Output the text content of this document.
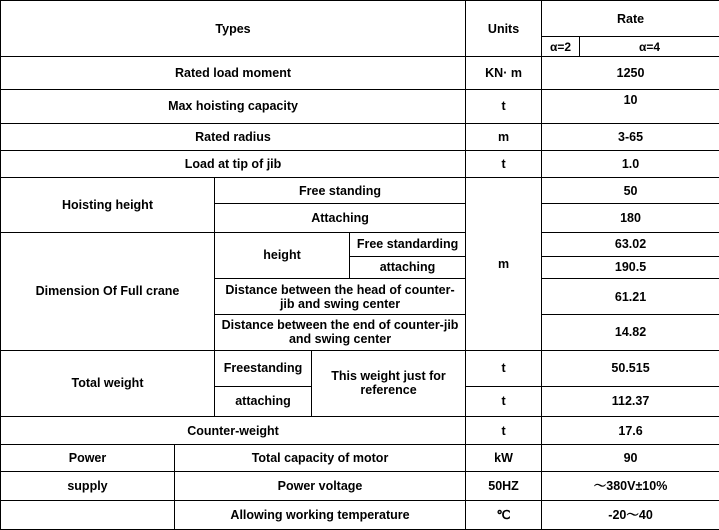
Types					Units	Rate	
						α=2	α=4
Rated load moment					KN· m	1250	
Max hoisting capacity					t	10	
Rated radius					m	3-65	
Load at tip of jib					t	1.0	
Hoisting height		Free standing			m	50	
		Attaching				180	
Dimension Of Full crane		height		Free standarding		63.02	
				attaching		190.5	
		Distance between the head of counter- jib and swing center				61.21	
		Distance between the end of counter-jib and swing center				14.82	
Total weight		Freestanding	This weight just for reference		t	50.515	
		attaching			t	112.37	
Counter-weight					t	17.6	
Power	Total capacity of motor				kW	90	
supply	Power voltage				50HZ	～380V±10%	
	Allowing working temperature				℃	-20～40	
